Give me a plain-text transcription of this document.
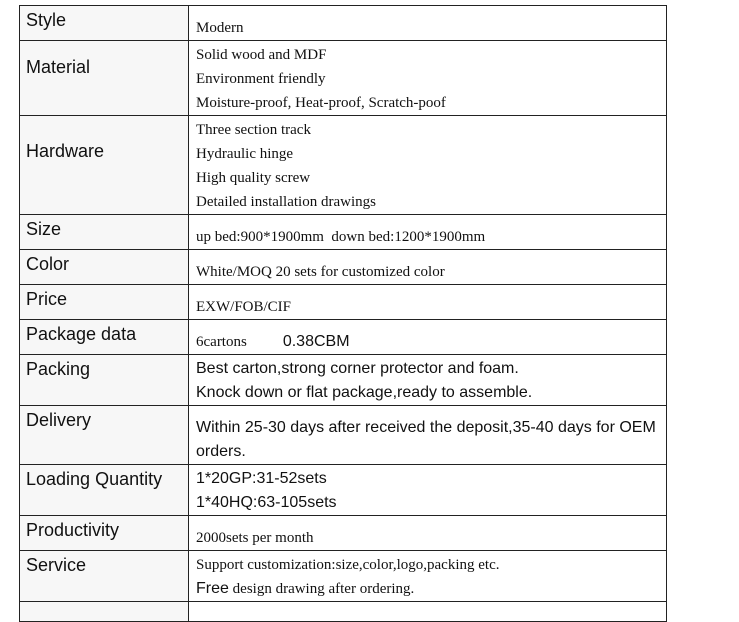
Style	Modern

Material	Solid wood and MDF
Environment friendly
Moisture-proof, Heat-proof, Scratch-poof

Hardware	Three section track
Hydraulic hinge
High quality screw
Detailed installation drawings

Size	up bed:900*1900mm  down bed:1200*1900mm

Color	White/MOQ 20 sets for customized color

Price	EXW/FOB/CIF

Package data	6cartons 0.38CBM

Packing	Best carton,strong corner protector and foam.
Knock down or flat package,ready to assemble.

Delivery	Within 25-30 days after received the deposit,35-40 days for OEM
orders.

Loading Quantity	1*20GP:31-52sets
1*40HQ:63-105sets

Productivity	2000sets per month

Service	Support customization:size,color,logo,packing etc.
Free design drawing after ordering.
